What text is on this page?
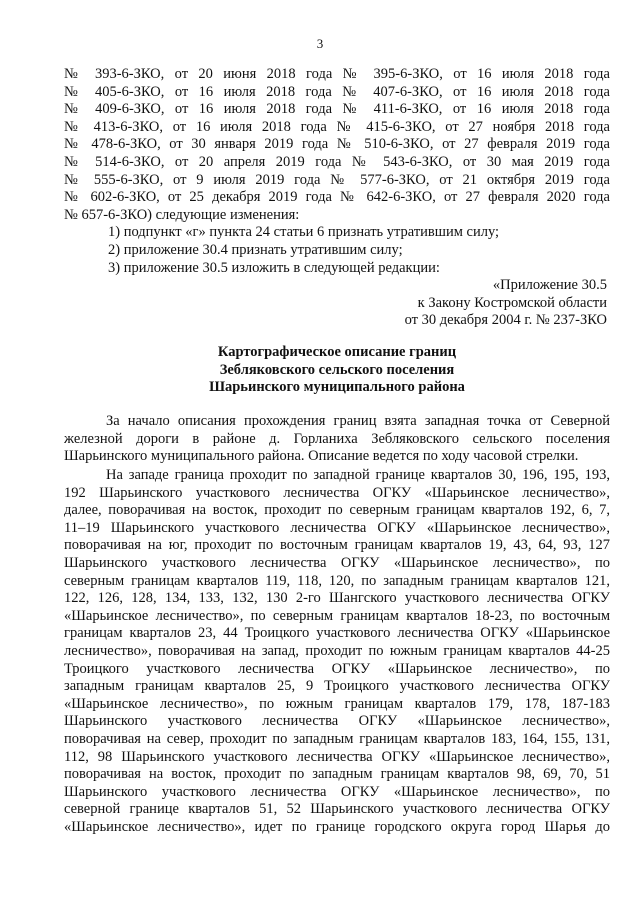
3
№ 393-6-ЗКО, от 20 июня 2018 года № 395-6-ЗКО, от 16 июля 2018 года
№ 405-6-ЗКО, от 16 июля 2018 года № 407-6-ЗКО, от 16 июля 2018 года
№ 409-6-ЗКО, от 16 июля 2018 года № 411-6-ЗКО, от 16 июля 2018 года
№ 413-6-ЗКО, от 16 июля 2018 года № 415-6-ЗКО, от 27 ноября 2018 года
№ 478-6-ЗКО, от 30 января 2019 года № 510-6-ЗКО, от 27 февраля 2019 года
№ 514-6-ЗКО, от 20 апреля 2019 года № 543-6-ЗКО, от 30 мая 2019 года
№ 555-6-ЗКО, от 9 июля 2019 года № 577-6-ЗКО, от 21 октября 2019 года
№ 602-6-ЗКО, от 25 декабря 2019 года № 642-6-ЗКО, от 27 февраля 2020 года
№ 657-6-ЗКО) следующие изменения:
1) подпункт «г» пункта 24 статьи 6 признать утратившим силу;
2) приложение 30.4 признать утратившим силу;
3) приложение 30.5 изложить в следующей редакции:
«Приложение 30.5
к Закону Костромской области
от 30 декабря 2004 г. № 237-ЗКО
Картографическое описание границ
Зебляковского сельского поселения
Шарьинского муниципального района
За начало описания прохождения границ взята западная точка от Северной
железной дороги в районе д. Горланиха Зебляковского сельского поселения
Шарьинского муниципального района. Описание ведется по ходу часовой стрелки.
На западе граница проходит по западной границе кварталов 30, 196, 195, 193,
192 Шарьинского участкового лесничества ОГКУ «Шарьинское лесничество»,
далее, поворачивая на восток, проходит по северным границам кварталов 192, 6, 7,
11–19 Шарьинского участкового лесничества ОГКУ «Шарьинское лесничество»,
поворачивая на юг, проходит по восточным границам кварталов 19, 43, 64, 93, 127
Шарьинского участкового лесничества ОГКУ «Шарьинское лесничество», по
северным границам кварталов 119, 118, 120, по западным границам кварталов 121,
122, 126, 128, 134, 133, 132, 130 2-го Шангского участкового лесничества ОГКУ
«Шарьинское лесничество», по северным границам кварталов 18-23, по восточным
границам кварталов 23, 44 Троицкого участкового лесничества ОГКУ «Шарьинское
лесничество», поворачивая на запад, проходит по южным границам кварталов 44-25
Троицкого участкового лесничества ОГКУ «Шарьинское лесничество», по
западным границам кварталов 25, 9 Троицкого участкового лесничества ОГКУ
«Шарьинское лесничество», по южным границам кварталов 179, 178, 187-183
Шарьинского участкового лесничества ОГКУ «Шарьинское лесничество»,
поворачивая на север, проходит по западным границам кварталов 183, 164, 155, 131,
112, 98 Шарьинского участкового лесничества ОГКУ «Шарьинское лесничество»,
поворачивая на восток, проходит по западным границам кварталов 98, 69, 70, 51
Шарьинского участкового лесничества ОГКУ «Шарьинское лесничество», по
северной границе кварталов 51, 52 Шарьинского участкового лесничества ОГКУ
«Шарьинское лесничество», идет по границе городского округа город Шарья до
